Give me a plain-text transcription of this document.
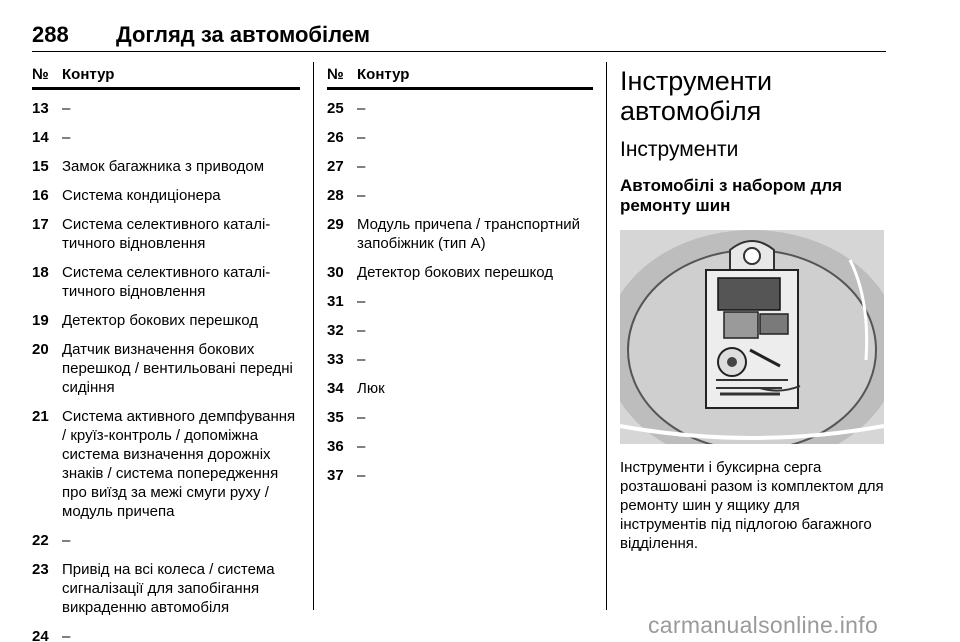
288 Догляд за автомобілем
№ Контур
13 –
14 –
15 Замок багажника з приводом
16 Система кондиціонера
17 Система селективного каталітичного відновлення
18 Система селективного каталітичного відновлення
19 Детектор бокових перешкод
20 Датчик визначення бокових перешкод / вентильовані передні сидіння
21 Система активного демпфування / круїз-контроль / допоміжна система визначення дорожніх знаків / система попередження про виїзд за межі смуги руху / модуль причепа
22 –
23 Привід на всі колеса / система сигналізації для запобігання викраденню автомобіля
24 –
№ Контур
25 –
26 –
27 –
28 –
29 Модуль причепа / транспортний запобіжник (тип A)
30 Детектор бокових перешкод
31 –
32 –
33 –
34 Люк
35 –
36 –
37 –
Інструменти автомобіля
Інструменти
Автомобілі з набором для ремонту шин
Інструменти і буксирна серга розташовані разом із комплектом для ремонту шин у ящику для інструментів під підлогою багажного відділення.
carmanualsonline.info
